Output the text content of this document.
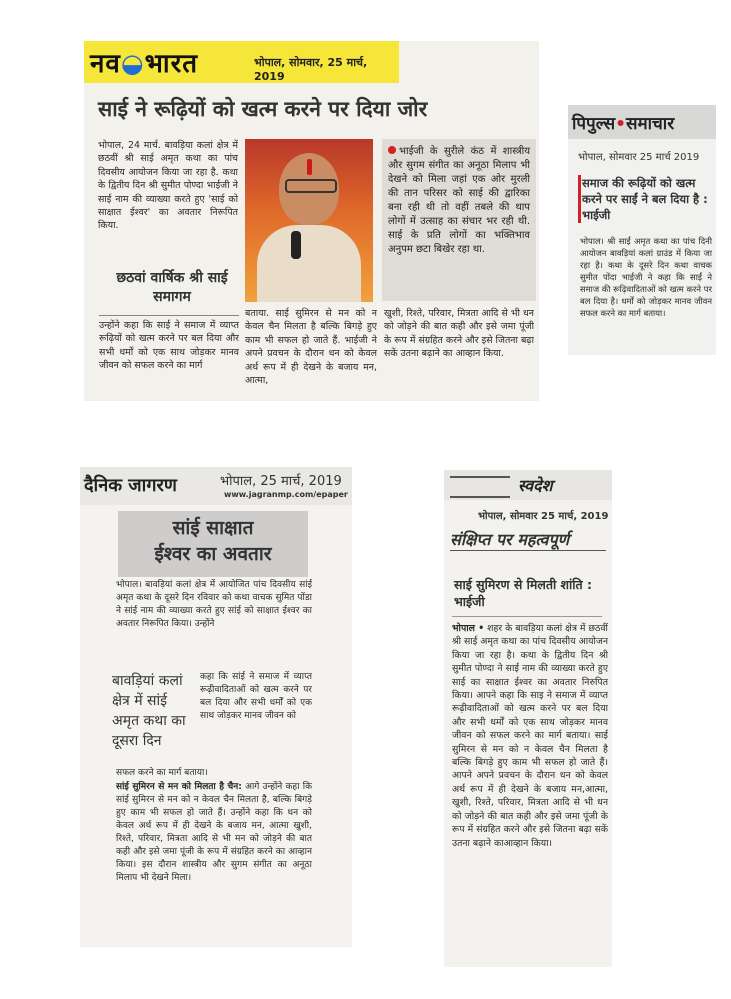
नव◒भारत	भोपाल, सोमवार, 25 मार्च, 2019
साई ने रूढ़ियों को खत्म करने पर दिया जोर
भोपाल, 24 मार्च. बावड़िया कलां क्षेत्र में छठवीं श्री साई अमृत कथा का पांच दिवसीय आयोजन किया जा रहा है. कथा के द्वितीय दिन श्री सुमीत पोण्दा भाईजी ने साई नाम की व्याख्या करते हुए 'साई को साक्षात ईश्वर' का अवतार निरूपित किया.
छठवां वार्षिक श्री साई समागम
उन्होंने कहा कि साई ने समाज में व्याप्त रूढ़ियों को खत्म करने पर बल दिया और सभी धर्मों को एक साथ जोड़कर मानव जीवन को सफल करने का मार्ग
बताया. साई सुमिरन से मन को न केवल चैन मिलता है बल्कि बिगड़े हुए काम भी सफल हो जाते हैं. भाईजी ने अपने प्रवचन के दौरान धन को केवल अर्थ रूप में ही देखने के बजाय मन, आत्मा,
भाईजी के सुरीले कंठ में शास्त्रीय और सुगम संगीत का अनूठा मिलाप भी देखने को मिला जहां एक ओर मुरली की तान परिसर को साई की द्वारिका बना रही थी तो वहीं तबले की थाप लोगों में उत्साह का संचार भर रही थी. साई के प्रति लोगों का भक्तिभाव अनुपम छटा बिखेर रहा था.
खुशी, रिश्ते, परिवार, मित्रता आदि से भी धन को जोड़ने की बात कही और इसे जमा पूंजी के रूप में संग्रहित करने और इसे जितना बढ़ा सकें उतना बढ़ाने का आव्हान किया.
पिपुल्स•समाचार
भोपाल, सोमवार 25 मार्च 2019
समाज की रूढ़ियों को खत्म करने पर साईं ने बल दिया है : भाईजी
भोपाल। श्री साईं अमृत कथा का पांच दिनी आयोजन बावड़ियां कलां ग्राउंड में किया जा रहा है। कथा के दूसरे दिन कथा वाचक सुमीत पोंदा भाईजी ने कहा कि साईं ने समाज की रूढ़िवादिताओं को खत्म करने पर बल दिया है। धर्मों को जोड़कर मानव जीवन सफल करने का मार्ग बताया।
दैनिक जागरण	भोपाल, 25 मार्च, 2019
www.jagranmp.com/epaper
सांई साक्षात
ईश्वर का अवतार
भोपाल। बावड़ियां कलां क्षेत्र में आयोजित पांच दिवसीय सांई अमृत कथा के दूसरे दिन रविवार को कथा वाचक सुमित पोंडा ने सांई नाम की व्याख्या करते हुए सांई को साक्षात ईश्वर का अवतार निरूपित किया। उन्होंने
बावड़ियां कलां क्षेत्र में सांई अमृत कथा का दूसरा दिन
कहा कि सांई ने समाज में व्याप्त रूढ़ीवादिताओं को खत्म करने पर बल दिया और सभी धर्मों को एक साथ जोड़कर मानव जीवन को
सफल करने का मार्ग बताया।
सांई सुमिरन से मन को मिलता है चैन: आगे उन्होंने कहा कि सांई सुमिरन से मन को न केवल चैन मिलता है, बल्कि बिगड़े हुए काम भी सफल हो जाते हैं। उन्होंने कहा कि धन को केवल अर्थ रूप में ही देखने के बजाय मन, आत्मा खुशी, रिश्ते, परिवार, मित्रता आदि से भी मन को जोड़ने की बात कही और इसे जमा पूंजी के रूप में संग्रहित करने का आव्हान किया। इस दौरान शास्त्रीय और सुगम संगीत का अनूठा मिलाप भी देखने मिला।
स्वदेश
भोपाल, सोमवार 25 मार्च, 2019
संक्षिप्त पर महत्वपूर्ण
साई सुमिरण से मिलती शांति : भाईजी
भोपाल • शहर के बावड़िया कलां क्षेत्र में छठवीं श्री साई अमृत कथा का पांच दिवसीय आयोजन किया जा रहा है। कथा के द्वितीय दिन श्री सुमीत पोण्दा ने साई नाम की व्याख्या करते हुए साई का साक्षात ईश्वर का अवतार निरुपित किया। आपने कहा कि साइ ने समाज में व्याप्त रूढ़ीवादिताओं को खत्म करने पर बल दिया और सभी धर्मों को एक साथ जोड़कर मानव जीवन को सफल करने का मार्ग बताया। साई सुमिरन से मन को न केवल चैन मिलता है बल्कि बिगड़े हुए काम भी सफल हो जाते हैं। आपने अपने प्रवचन के दौरान धन को केवल अर्थ रूप में ही देखने के बजाय मन,आत्मा, खुशी, रिश्ते, परिवार, मित्रता आदि से भी धन को जोड़ने की बात कही और इसे जमा पूंजी के रूप में संग्रहित करने और इसे जितना बढ़ा सकें उतना बढ़ाने काआव्हान किया।
